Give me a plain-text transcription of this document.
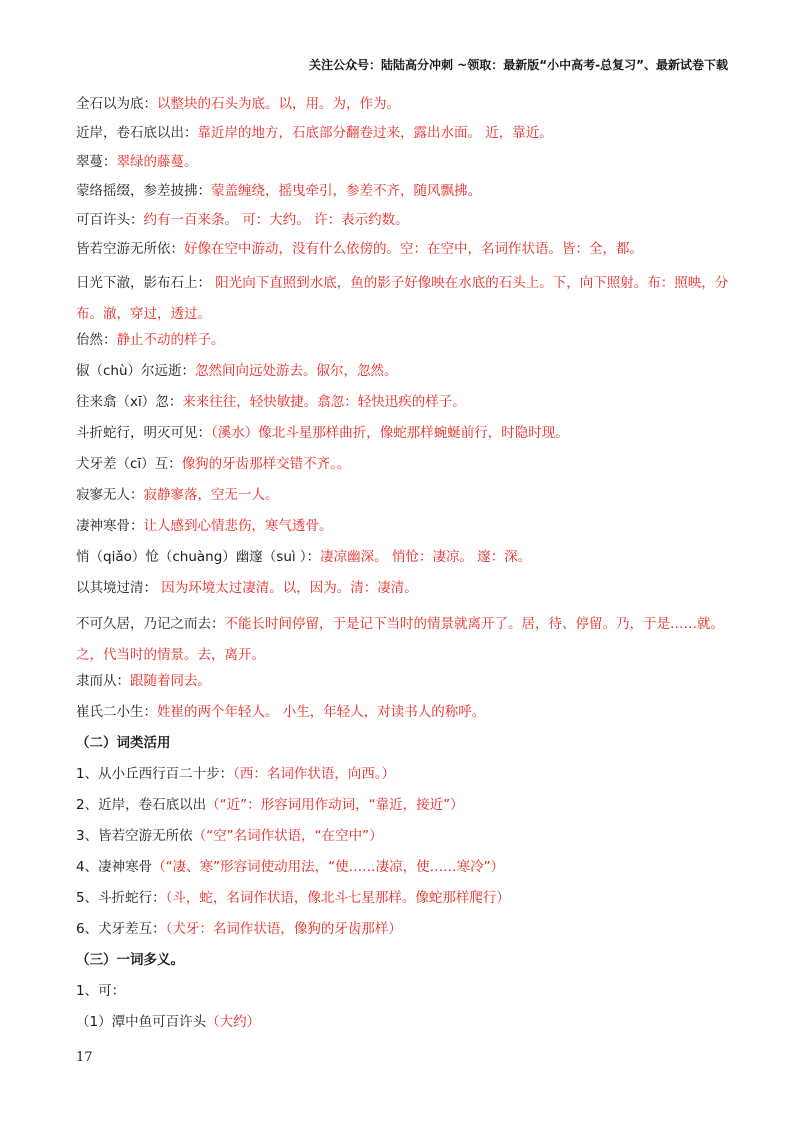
关注公众号：陆陆高分冲刺 ~领取：最新版“小中高考-总复习”、最新试卷下载

全石以为底：以整块的石头为底。以，用。为，作为。

近岸，卷石底以出：靠近岸的地方，石底部分翻卷过来，露出水面。 近，靠近。

翠蔓：翠绿的藤蔓。

蒙络摇缀，参差披拂：蒙盖缠绕，摇曳牵引，参差不齐，随风飘拂。

可百许头：约有一百来条。 可：大约。 许：表示约数。

皆若空游无所依：好像在空中游动，没有什么依傍的。空：在空中，名词作状语。皆：全，都。

日光下澈，影布石上： 阳光向下直照到水底，鱼的影子好像映在水底的石头上。下，向下照射。布：照映，分布。澈，穿过，透过。

佁然：静止不动的样子。

俶（chù）尔远逝：忽然间向远处游去。俶尔，忽然。

往来翕（xī）忽：来来往往，轻快敏捷。翕忽：轻快迅疾的样子。

斗折蛇行，明灭可见：（溪水）像北斗星那样曲折，像蛇那样蜿蜒前行，时隐时现。

犬牙差（cī）互：像狗的牙齿那样交错不齐。。

寂寥无人：寂静寥落，空无一人。

凄神寒骨：让人感到心情悲伤，寒气透骨。

悄（qiǎo）怆（chuàng）幽邃（suì ）：凄凉幽深。 悄怆：凄凉。 邃：深。

以其境过清： 因为环境太过凄清。以，因为。清：凄清。

不可久居，乃记之而去：不能长时间停留，于是记下当时的情景就离开了。居，待、停留。乃，于是……就。之，代当时的情景。去，离开。

隶而从：跟随着同去。

崔氏二小生：姓崔的两个年轻人。 小生，年轻人，对读书人的称呼。

（二）词类活用

1、从小丘西行百二十步：（西：名词作状语，向西。）

2、近岸，卷石底以出（“近”：形容词用作动词，“靠近，接近”）

3、皆若空游无所依（“空”名词作状语，“在空中”）

4、凄神寒骨（“凄、寒”形容词使动用法，“使……凄凉，使……寒冷”）

5、斗折蛇行：（斗，蛇，名词作状语，像北斗七星那样。像蛇那样爬行）

6、犬牙差互：（犬牙：名词作状语，像狗的牙齿那样）

（三）一词多义。

1、可：

（1）潭中鱼可百许头（大约）

17
